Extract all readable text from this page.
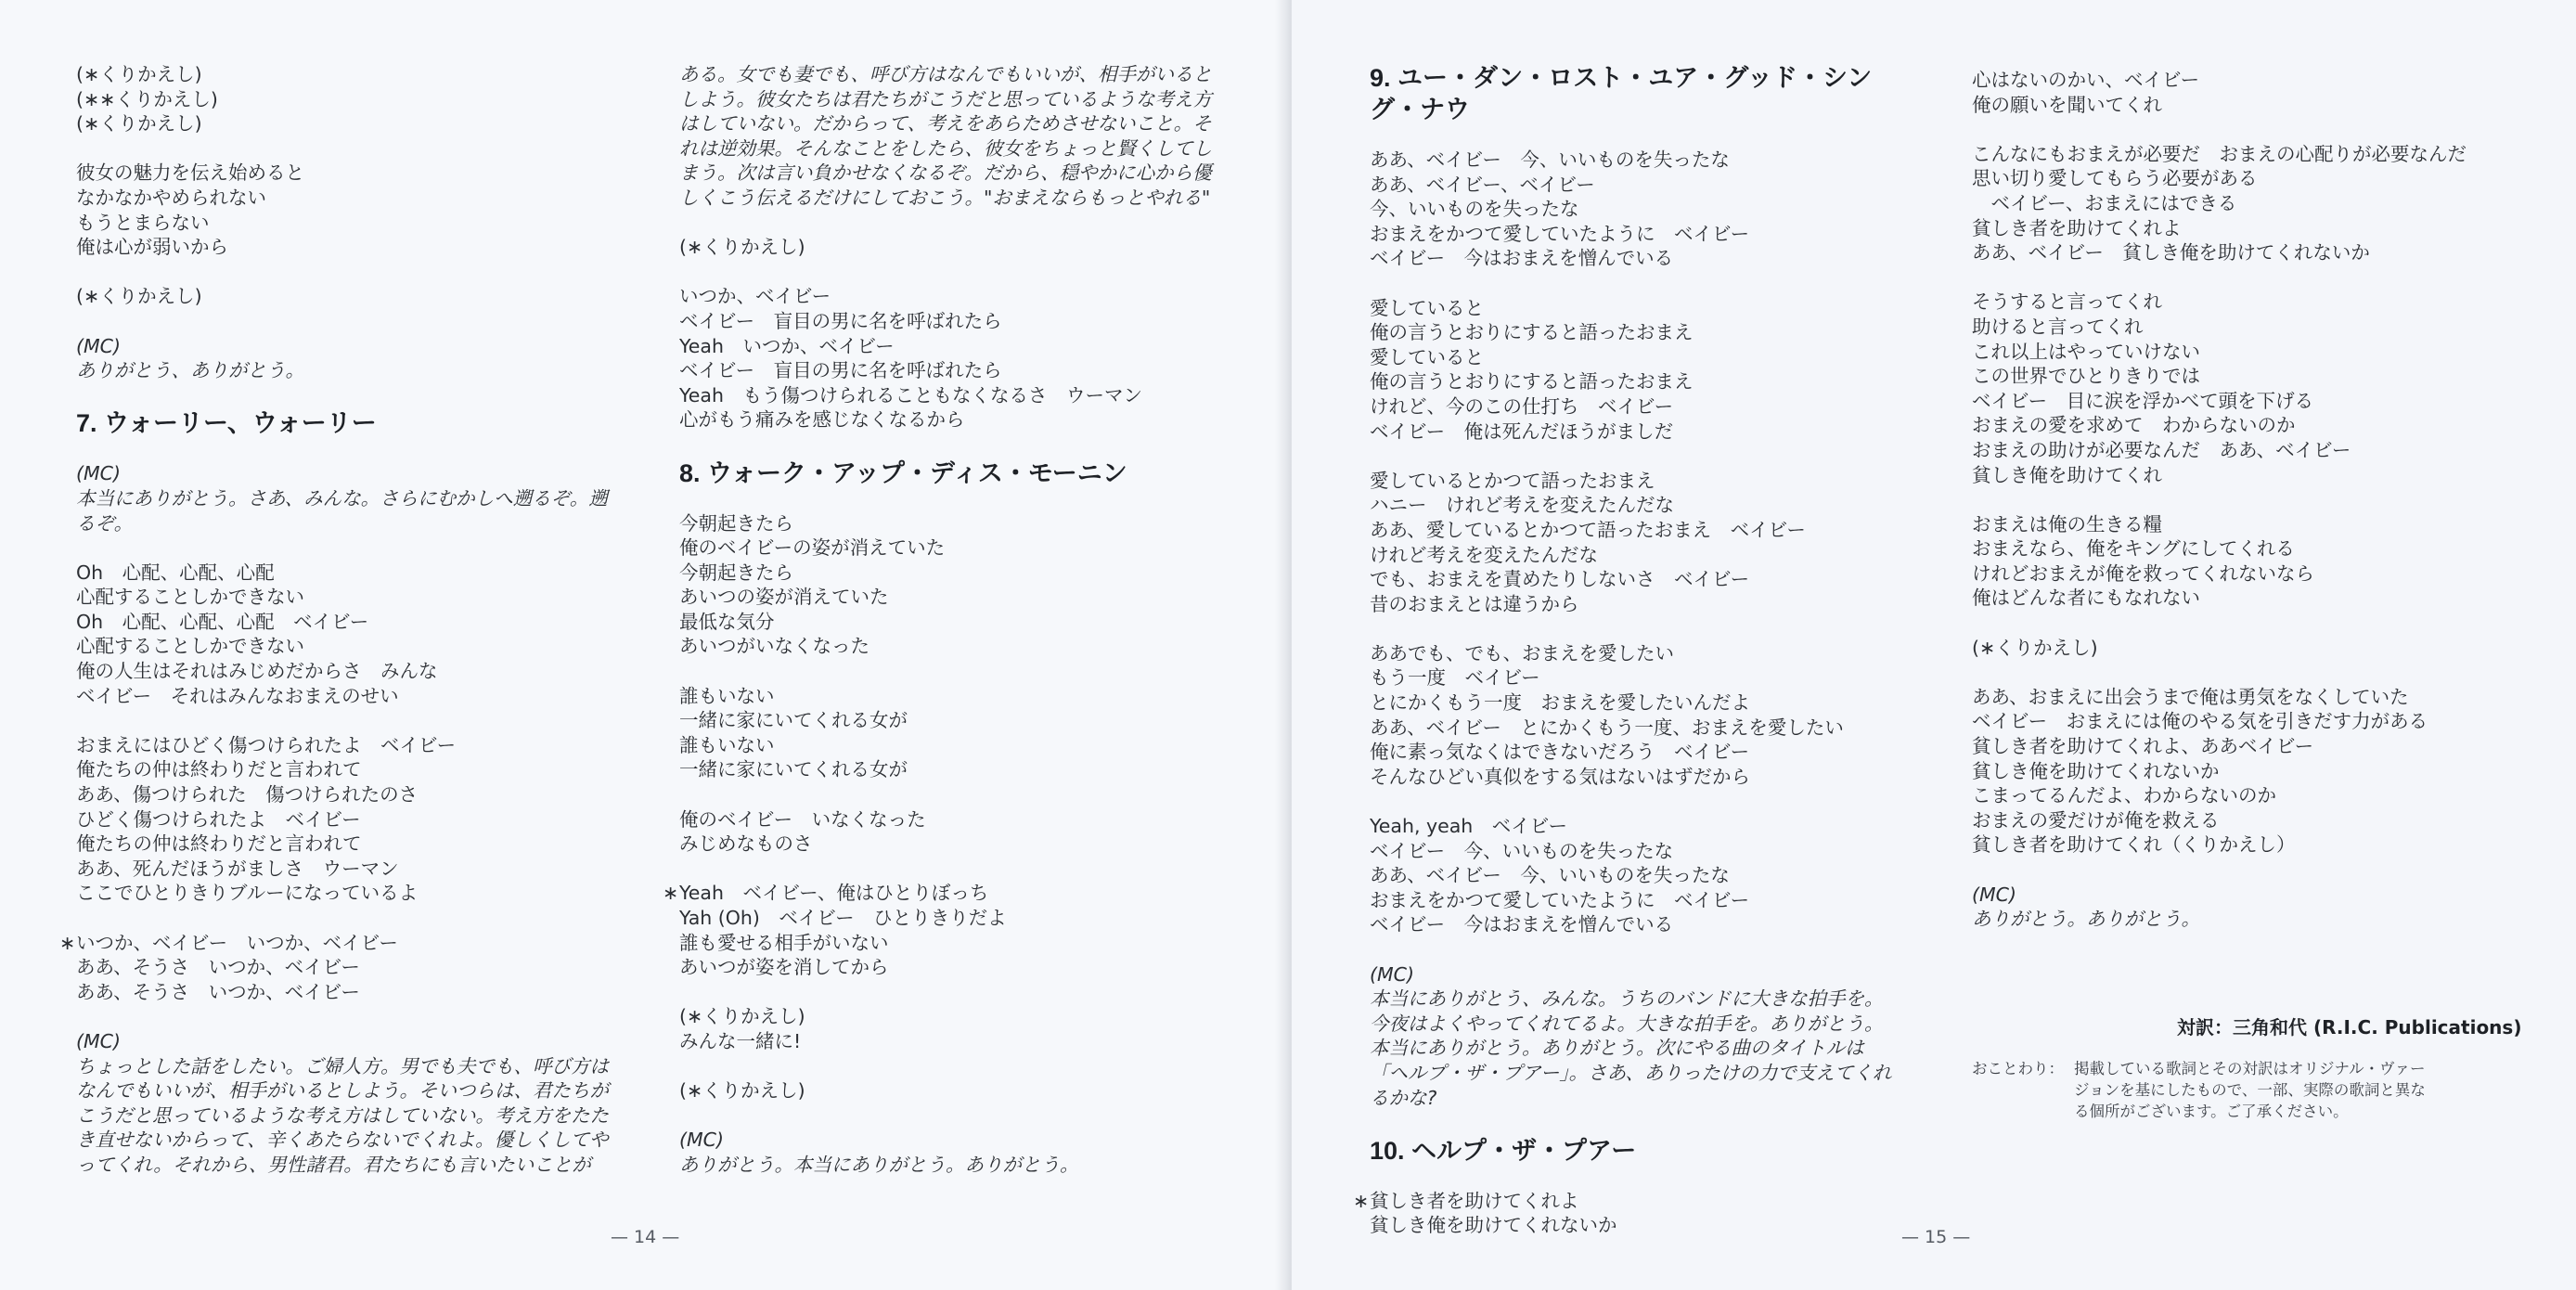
(∗くりかえし)
(∗∗くりかえし)
(∗くりかえし)
彼女の魅力を伝え始めると
なかなかやめられない
もうとまらない
俺は心が弱いから
(∗くりかえし)
(MC)
ありがとう、ありがとう。
7. ウォーリー、ウォーリー
(MC)
本当にありがとう。さあ、みんな。さらにむかしへ遡るぞ。遡るぞ。
Oh　心配、心配、心配
心配することしかできない
Oh　心配、心配、心配　ベイビー
心配することしかできない
俺の人生はそれはみじめだからさ　みんな
ベイビー　それはみんなおまえのせい
おまえにはひどく傷つけられたよ　ベイビー
俺たちの仲は終わりだと言われて
ああ、傷つけられた　傷つけられたのさ
ひどく傷つけられたよ　ベイビー
俺たちの仲は終わりだと言われて
ああ、死んだほうがましさ　ウーマン
ここでひとりきりブルーになっているよ
∗ いつか、ベイビー　いつか、ベイビー
ああ、そうさ　いつか、ベイビー
ああ、そうさ　いつか、ベイビー
(MC)
ちょっとした話をしたい。ご婦人方。男でも夫でも、呼び方はなんでもいいが、相手がいるとしよう。そいつらは、君たちがこうだと思っているような考え方はしていない。考え方をたたき直せないからって、辛くあたらないでくれよ。優しくしてやってくれ。それから、男性諸君。君たちにも言いたいことが
ある。女でも妻でも、呼び方はなんでもいいが、相手がいるとしよう。彼女たちは君たちがこうだと思っているような考え方はしていない。だからって、考えをあらためさせないこと。それは逆効果。そんなことをしたら、彼女をちょっと賢くしてしまう。次は言い負かせなくなるぞ。だから、穏やかに心から優しくこう伝えるだけにしておこう。"おまえならもっとやれる"
(∗くりかえし)
いつか、ベイビー
ベイビー　盲目の男に名を呼ばれたら
Yeah　いつか、ベイビー
ベイビー　盲目の男に名を呼ばれたら
Yeah　もう傷つけられることもなくなるさ　ウーマン
心がもう痛みを感じなくなるから
8. ウォーク・アップ・ディス・モーニン
今朝起きたら
俺のベイビーの姿が消えていた
今朝起きたら
あいつの姿が消えていた
最低な気分
あいつがいなくなった
誰もいない
一緒に家にいてくれる女が
誰もいない
一緒に家にいてくれる女が
俺のベイビー　いなくなった
みじめなものさ
∗ Yeah　ベイビー、俺はひとりぼっち
Yah (Oh)　ベイビー　ひとりきりだよ
誰も愛せる相手がいない
あいつが姿を消してから
(∗くりかえし)
みんな一緒に!
(∗くりかえし)
(MC)
ありがとう。本当にありがとう。ありがとう。
— 14 —
9. ユー・ダン・ロスト・ユア・グッド・シング・ナウ
ああ、ベイビー　今、いいものを失ったな
ああ、ベイビー、ベイビー
今、いいものを失ったな
おまえをかつて愛していたように　ベイビー
ベイビー　今はおまえを憎んでいる
愛していると
俺の言うとおりにすると語ったおまえ
愛していると
俺の言うとおりにすると語ったおまえ
けれど、今のこの仕打ち　ベイビー
ベイビー　俺は死んだほうがましだ
愛しているとかつて語ったおまえ
ハニー　けれど考えを変えたんだな
ああ、愛しているとかつて語ったおまえ　ベイビー
けれど考えを変えたんだな
でも、おまえを責めたりしないさ　ベイビー
昔のおまえとは違うから
ああでも、でも、おまえを愛したい
もう一度　ベイビー
とにかくもう一度　おまえを愛したいんだよ
ああ、ベイビー　とにかくもう一度、おまえを愛したい
俺に素っ気なくはできないだろう　ベイビー
そんなひどい真似をする気はないはずだから
Yeah, yeah　ベイビー
ベイビー　今、いいものを失ったな
ああ、ベイビー　今、いいものを失ったな
おまえをかつて愛していたように　ベイビー
ベイビー　今はおまえを憎んでいる
(MC)
本当にありがとう、みんな。うちのバンドに大きな拍手を。今夜はよくやってくれてるよ。大きな拍手を。ありがとう。本当にありがとう。ありがとう。次にやる曲のタイトルは「ヘルプ・ザ・プアー」。さあ、ありったけの力で支えてくれるかな?
10. ヘルプ・ザ・プアー
∗ 貧しき者を助けてくれよ
貧しき俺を助けてくれないか
心はないのかい、ベイビー
俺の願いを聞いてくれ
こんなにもおまえが必要だ　おまえの心配りが必要なんだ
思い切り愛してもらう必要がある
　ベイビー、おまえにはできる
貧しき者を助けてくれよ
ああ、ベイビー　貧しき俺を助けてくれないか
そうすると言ってくれ
助けると言ってくれ
これ以上はやっていけない
この世界でひとりきりでは
ベイビー　目に涙を浮かべて頭を下げる
おまえの愛を求めて　わからないのか
おまえの助けが必要なんだ　ああ、ベイビー
貧しき俺を助けてくれ
おまえは俺の生きる糧
おまえなら、俺をキングにしてくれる
けれどおまえが俺を救ってくれないなら
俺はどんな者にもなれない
(∗くりかえし)
ああ、おまえに出会うまで俺は勇気をなくしていた
ベイビー　おまえには俺のやる気を引きだす力がある
貧しき者を助けてくれよ、ああベイビー
貧しき俺を助けてくれないか
こまってるんだよ、わからないのか
おまえの愛だけが俺を救える
貧しき者を助けてくれ（くりかえし）
(MC)
ありがとう。ありがとう。
対訳：三角和代 (R.I.C. Publications)
おことわり： 掲載している歌詞とその対訳はオリジナル・ヴァージョンを基にしたもので、一部、実際の歌詞と異なる個所がございます。ご了承ください。
— 15 —
